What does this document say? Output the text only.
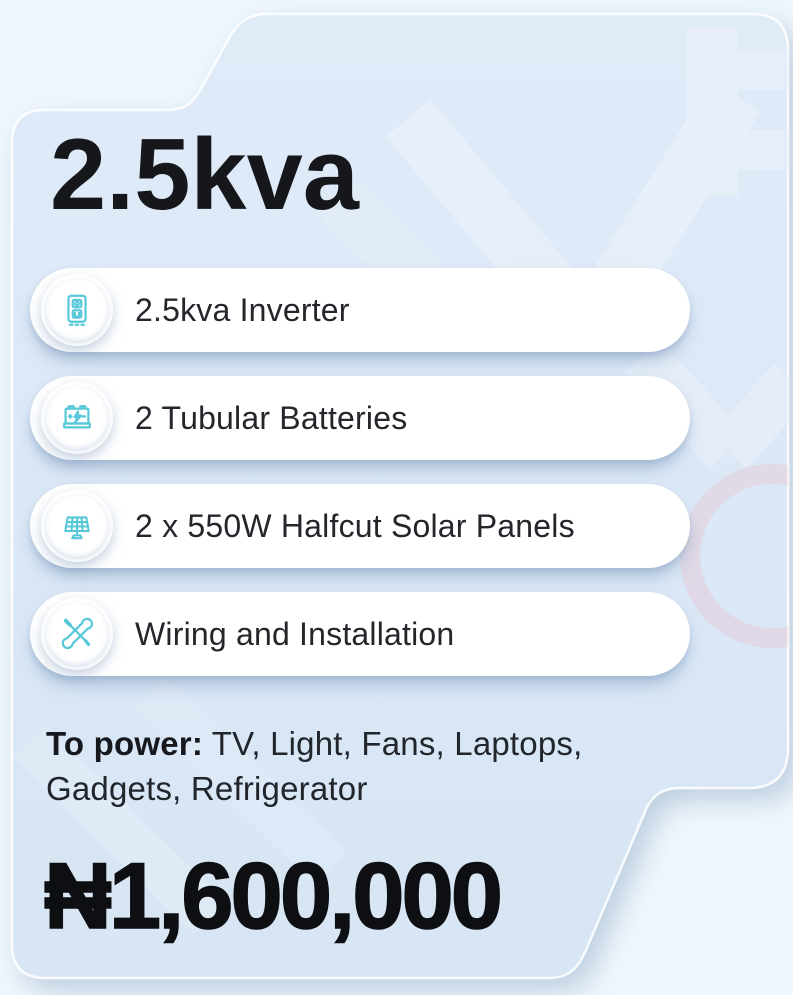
2.5kva
2.5kva Inverter
2 Tubular Batteries
2 x 550W Halfcut Solar Panels
Wiring and Installation

To power: TV, Light, Fans, Laptops, Gadgets, Refrigerator

₦1,600,000
